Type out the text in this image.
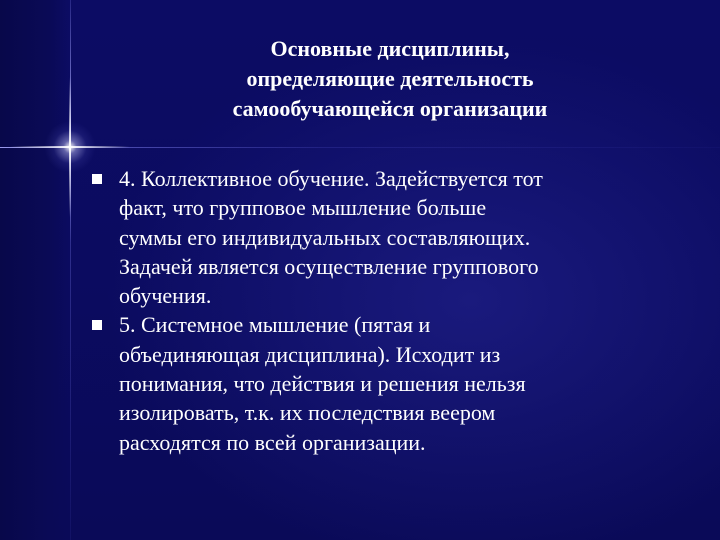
Основные дисциплины,
определяющие деятельность
самообучающейся организации
4. Коллективное обучение. Задействуется тот
факт, что групповое мышление больше
суммы его индивидуальных составляющих.
Задачей является осуществление группового
обучения.
5. Системное мышление (пятая и
объединяющая дисциплина). Исходит из
понимания, что действия и решения нельзя
изолировать, т.к. их последствия веером
расходятся по всей организации.
